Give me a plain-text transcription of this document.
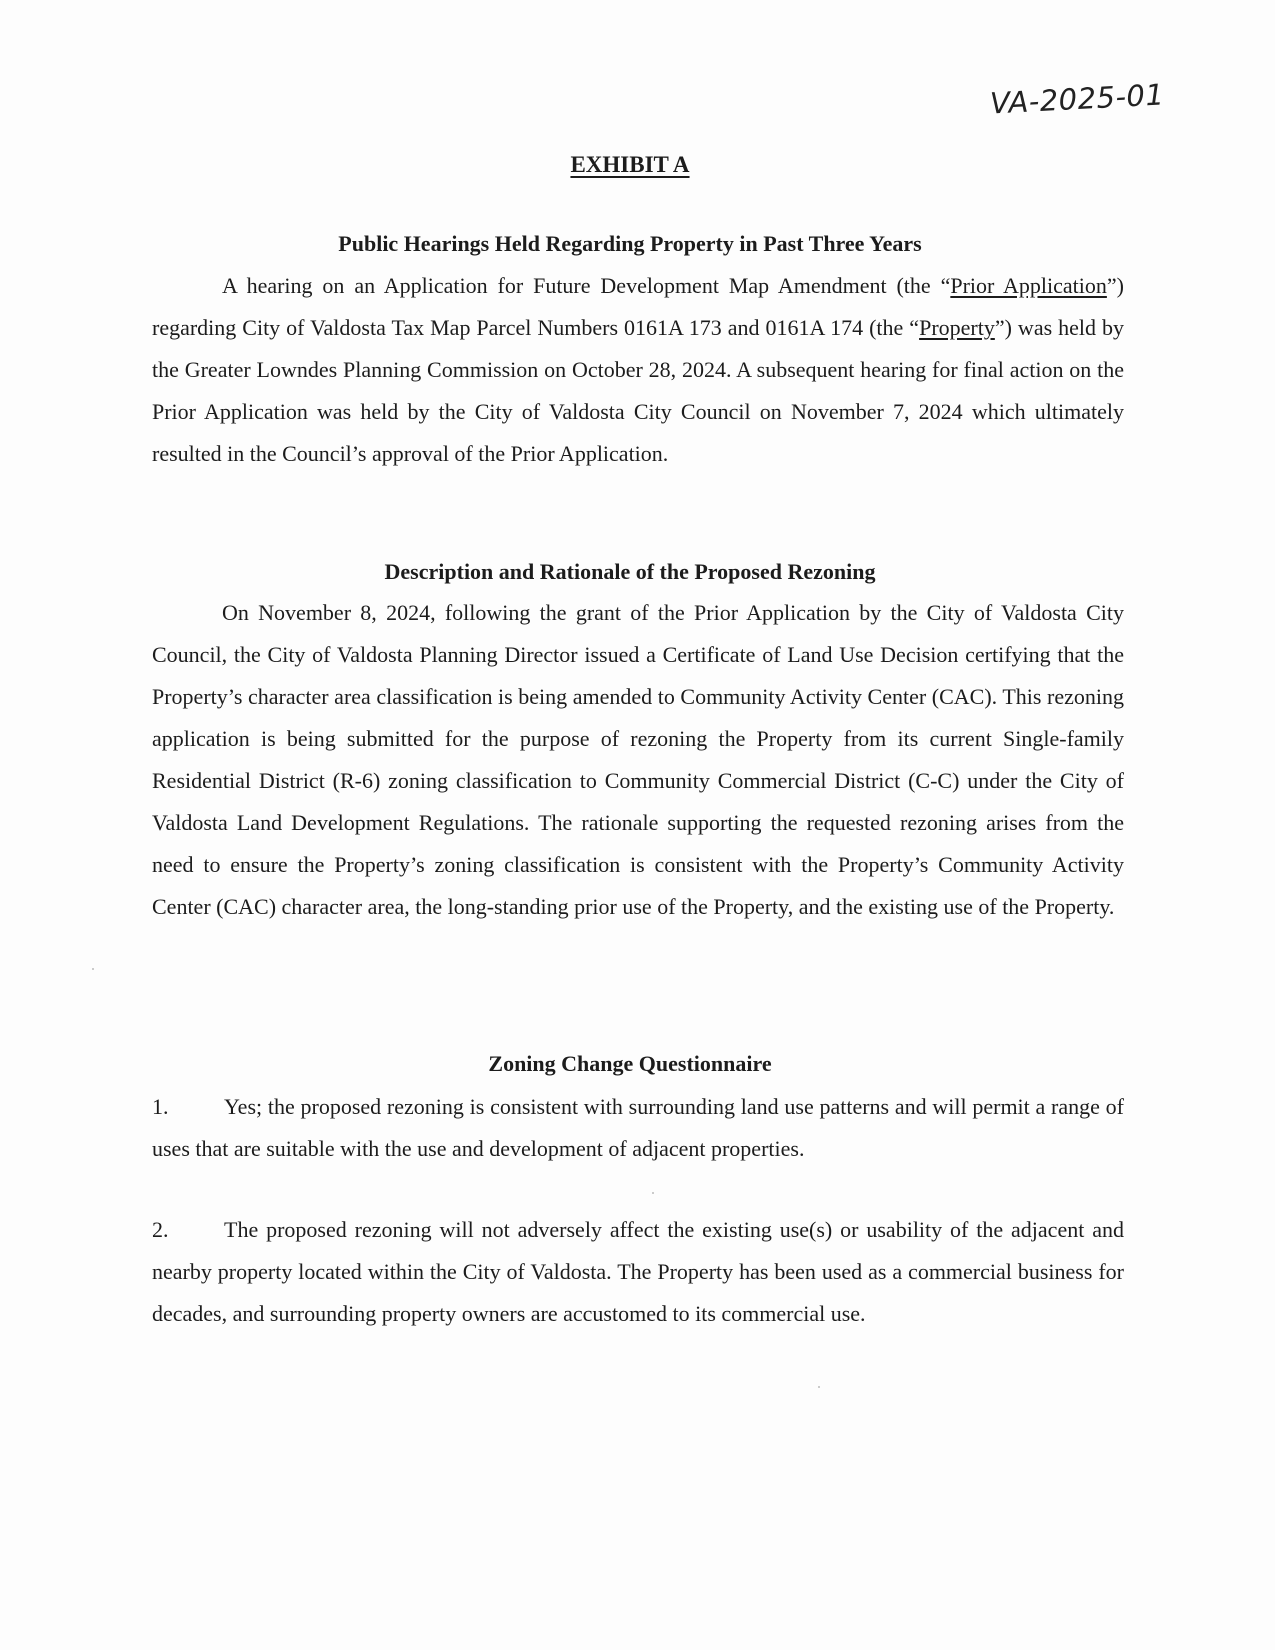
VA-2025-01
EXHIBIT A
Public Hearings Held Regarding Property in Past Three Years

A hearing on an Application for Future Development Map Amendment (the “Prior Application”) regarding City of Valdosta Tax Map Parcel Numbers 0161A 173 and 0161A 174 (the “Property”) was held by the Greater Lowndes Planning Commission on October 28, 2024. A subsequent hearing for final action on the Prior Application was held by the City of Valdosta City Council on November 7, 2024 which ultimately resulted in the Council’s approval of the Prior Application.

Description and Rationale of the Proposed Rezoning

On November 8, 2024, following the grant of the Prior Application by the City of Valdosta City Council, the City of Valdosta Planning Director issued a Certificate of Land Use Decision certifying that the Property’s character area classification is being amended to Community Activity Center (CAC). This rezoning application is being submitted for the purpose of rezoning the Property from its current Single-family Residential District (R-6) zoning classification to Community Commercial District (C-C) under the City of Valdosta Land Development Regulations. The rationale supporting the requested rezoning arises from the need to ensure the Property’s zoning classification is consistent with the Property’s Community Activity Center (CAC) character area, the long-standing prior use of the Property, and the existing use of the Property.

Zoning Change Questionnaire

1.	Yes; the proposed rezoning is consistent with surrounding land use patterns and will permit a range of uses that are suitable with the use and development of adjacent properties.

2.	The proposed rezoning will not adversely affect the existing use(s) or usability of the adjacent and nearby property located within the City of Valdosta. The Property has been used as a commercial business for decades, and surrounding property owners are accustomed to its commercial use.
